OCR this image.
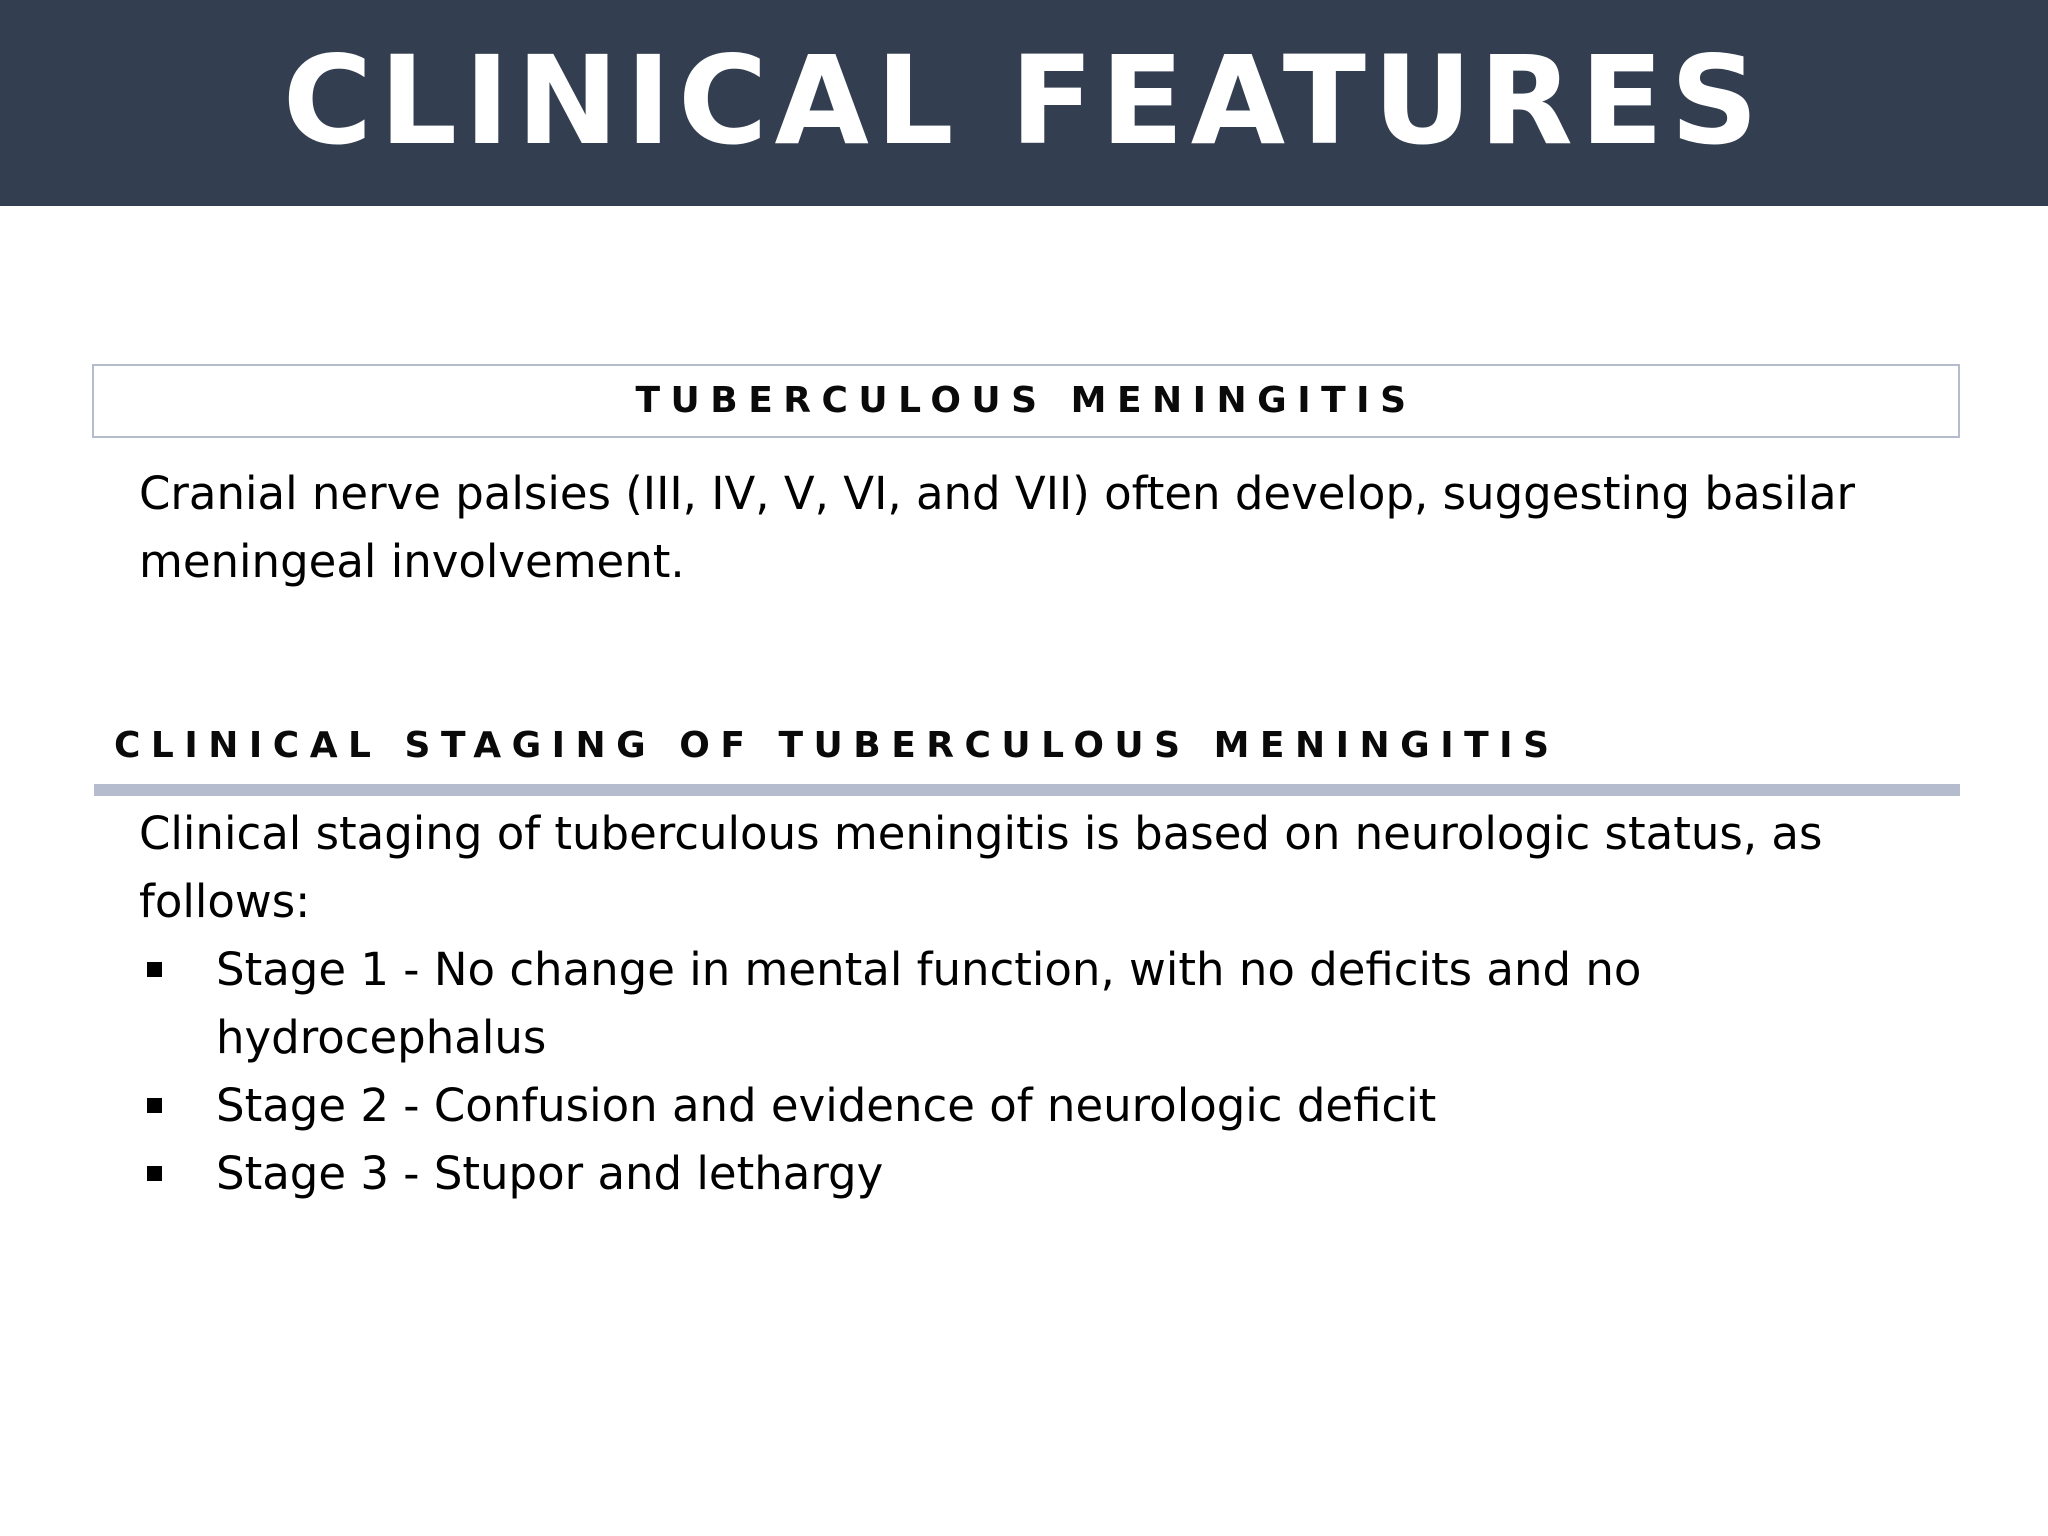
CLINICAL FEATURES
TUBERCULOUS MENINGITIS

Cranial nerve palsies (III, IV, V, VI, and VII) often develop, suggesting basilar meningeal involvement.

CLINICAL STAGING OF TUBERCULOUS MENINGITIS

Clinical staging of tuberculous meningitis is based on neurologic status, as follows:

Stage 1 - No change in mental function, with no deficits and no hydrocephalus
Stage 2 - Confusion and evidence of neurologic deficit
Stage 3 - Stupor and lethargy
